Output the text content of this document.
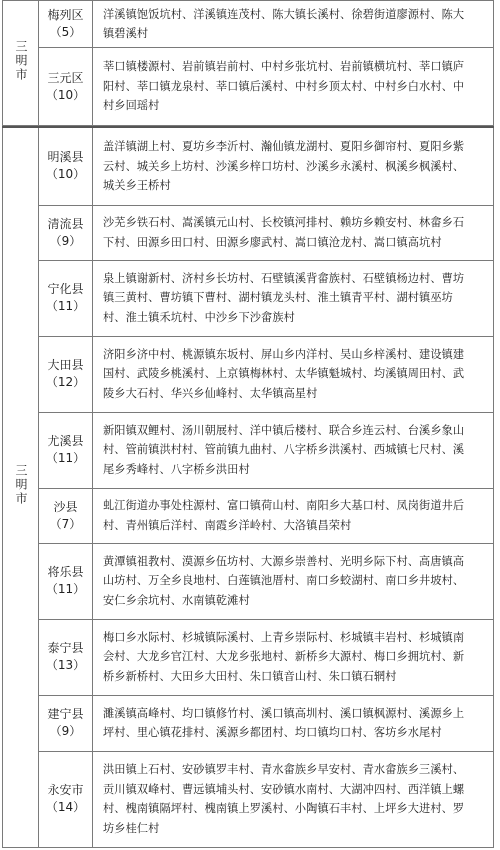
三明市	梅列区
（5）	洋溪镇饱饭坑村、洋溪镇连茂村、陈大镇长溪村、徐碧街道廖源村、陈大
镇碧溪村

	三元区
（10）	莘口镇楼源村、岩前镇岩前村、中村乡张坑村、岩前镇横坑村、莘口镇庐
阳村、莘口镇龙泉村、莘口镇后溪村、中村乡顶太村、中村乡白水村、中
村乡回瑶村
三明市	明溪县
（10）	盖洋镇湖上村、夏坊乡李沂村、瀚仙镇龙湖村、夏阳乡御帘村、夏阳乡紫
云村、城关乡上坊村、沙溪乡梓口坊村、沙溪乡永溪村、枫溪乡枫溪村、
城关乡王桥村

	清流县
（9）	沙芜乡铁石村、嵩溪镇元山村、长校镇河排村、赖坊乡赖安村、林畲乡石
下村、田源乡田口村、田源乡廖武村、嵩口镇沧龙村、嵩口镇高坑村

	宁化县
（11）	泉上镇谢新村、济村乡长坊村、石壁镇溪背畲族村、石壁镇杨边村、曹坊
镇三黄村、曹坊镇下曹村、湖村镇龙头村、淮土镇青平村、湖村镇巫坊
村、淮土镇禾坑村、中沙乡下沙畲族村

	大田县
（12）	济阳乡济中村、桃源镇东坂村、屏山乡内洋村、吴山乡梓溪村、建设镇建
国村、武陵乡桃溪村、上京镇梅林村、太华镇魁城村、均溪镇周田村、武
陵乡大石村、华兴乡仙峰村、太华镇高星村

	尤溪县
（11）	新阳镇双鲤村、汤川朝展村、洋中镇后楼村、联合乡连云村、台溪乡象山
村、管前镇洪村村、管前镇九曲村、八字桥乡洪溪村、西城镇七尺村、溪
尾乡秀峰村、八字桥乡洪田村

	沙县
（7）	虬江街道办事处柱源村、富口镇荷山村、南阳乡大基口村、凤岗街道井后
村、青州镇后洋村、南霞乡洋岭村、大洛镇昌荣村

	将乐县
（11）	黄潭镇祖教村、漠源乡伍坊村、大源乡崇善村、光明乡际下村、高唐镇高
山坊村、万全乡良地村、白莲镇池厝村、南口乡蛟湖村、南口乡井坡村、
安仁乡余坑村、水南镇乾滩村

	泰宁县
（13）	梅口乡水际村、杉城镇际溪村、上青乡崇际村、杉城镇丰岩村、杉城镇南
会村、大龙乡官江村、大龙乡张地村、新桥乡大源村、梅口乡拥坑村、新
桥乡新桥村、大田乡大田村、朱口镇音山村、朱口镇石辋村

	建宁县
（9）	濉溪镇高峰村、均口镇修竹村、溪口镇高圳村、溪口镇枫源村、溪源乡上
坪村、里心镇花排村、溪源乡都团村、均口镇均口村、客坊乡水尾村

	永安市
（14）	洪田镇上石村、安砂镇罗丰村、青水畲族乡早安村、青水畲族乡三溪村、
贡川镇双峰村、曹远镇埔头村、安砂镇水南村、大湖冲四村、西洋镇上螺
村、槐南镇隔坪村、槐南镇上罗溪村、小陶镇石丰村、上坪乡大进村、罗
坊乡桂仁村
